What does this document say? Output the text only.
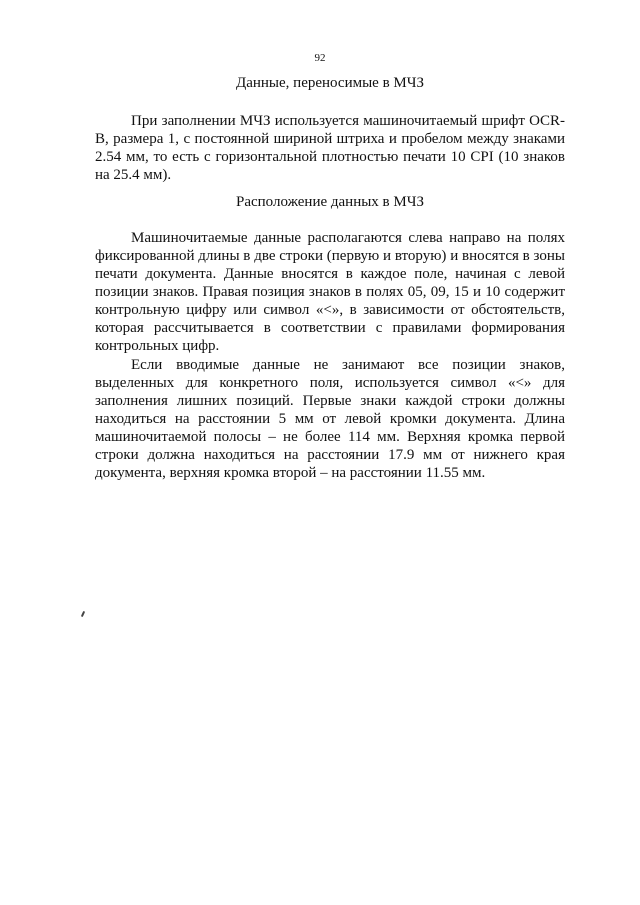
92
Данные, переносимые в МЧЗ

При заполнении МЧЗ используется машиночитаемый шрифт OCR-B, размера 1, с постоянной шириной штриха и пробелом между знаками 2.54 мм, то есть с горизонтальной плотностью печати 10 CPI (10 знаков на 25.4 мм).

Расположение данных в МЧЗ

Машиночитаемые данные располагаются слева направо на полях фиксированной длины в две строки (первую и вторую) и вносятся в зоны печати документа. Данные вносятся в каждое поле, начиная с левой позиции знаков. Правая позиция знаков в полях 05, 09, 15 и 10 содержит контрольную цифру или символ «<», в зависимости от обстоятельств, которая рассчитывается в соответствии с правилами формирования контрольных цифр.

Если вводимые данные не занимают все позиции знаков, выделенных для конкретного поля, используется символ «<» для заполнения лишних позиций. Первые знаки каждой строки должны находиться на расстоянии 5 мм от левой кромки документа. Длина машиночитаемой полосы – не более 114 мм. Верхняя кромка первой строки должна находиться на расстоянии 17.9 мм от нижнего края документа, верхняя кромка второй – на расстоянии 11.55 мм.
